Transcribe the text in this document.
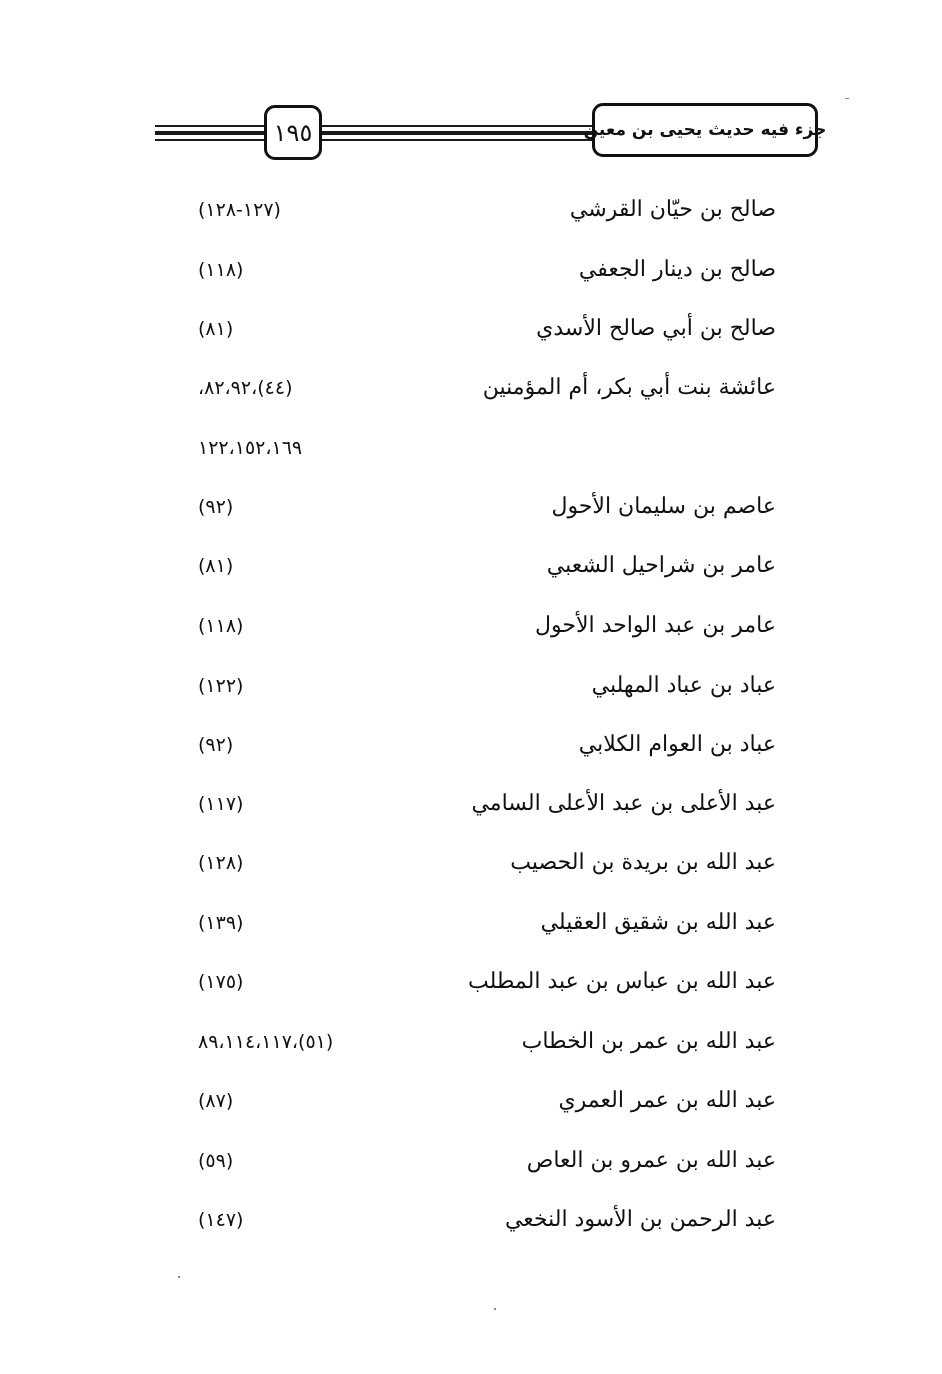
١٩٥	جزء فيه حديث يحيى بن معين
صالح بن حيّان القرشي
(١٢٧-١٢٨)
صالح بن دينار الجعفي
(١١٨)
صالح بن أبي صالح الأسدي
(٨١)
عائشة بنت أبي بكر، أم المؤمنين
(٤٤)،٨٢،٩٢،
١٢٢،١٥٢،١٦٩
عاصم بن سليمان الأحول
(٩٢)
عامر بن شراحيل الشعبي
(٨١)
عامر بن عبد الواحد الأحول
(١١٨)
عباد بن عباد المهلبي
(١٢٢)
عباد بن العوام الكلابي
(٩٢)
عبد الأعلى بن عبد الأعلى السامي
(١١٧)
عبد الله بن بريدة بن الحصيب
(١٢٨)
عبد الله بن شقيق العقيلي
(١٣٩)
عبد الله بن عباس بن عبد المطلب
(١٧٥)
عبد الله بن عمر بن الخطاب
(٥١)،٨٩،١١٤،١١٧
عبد الله بن عمر العمري
(٨٧)
عبد الله بن عمرو بن العاص
(٥٩)
عبد الرحمن بن الأسود النخعي
(١٤٧)
